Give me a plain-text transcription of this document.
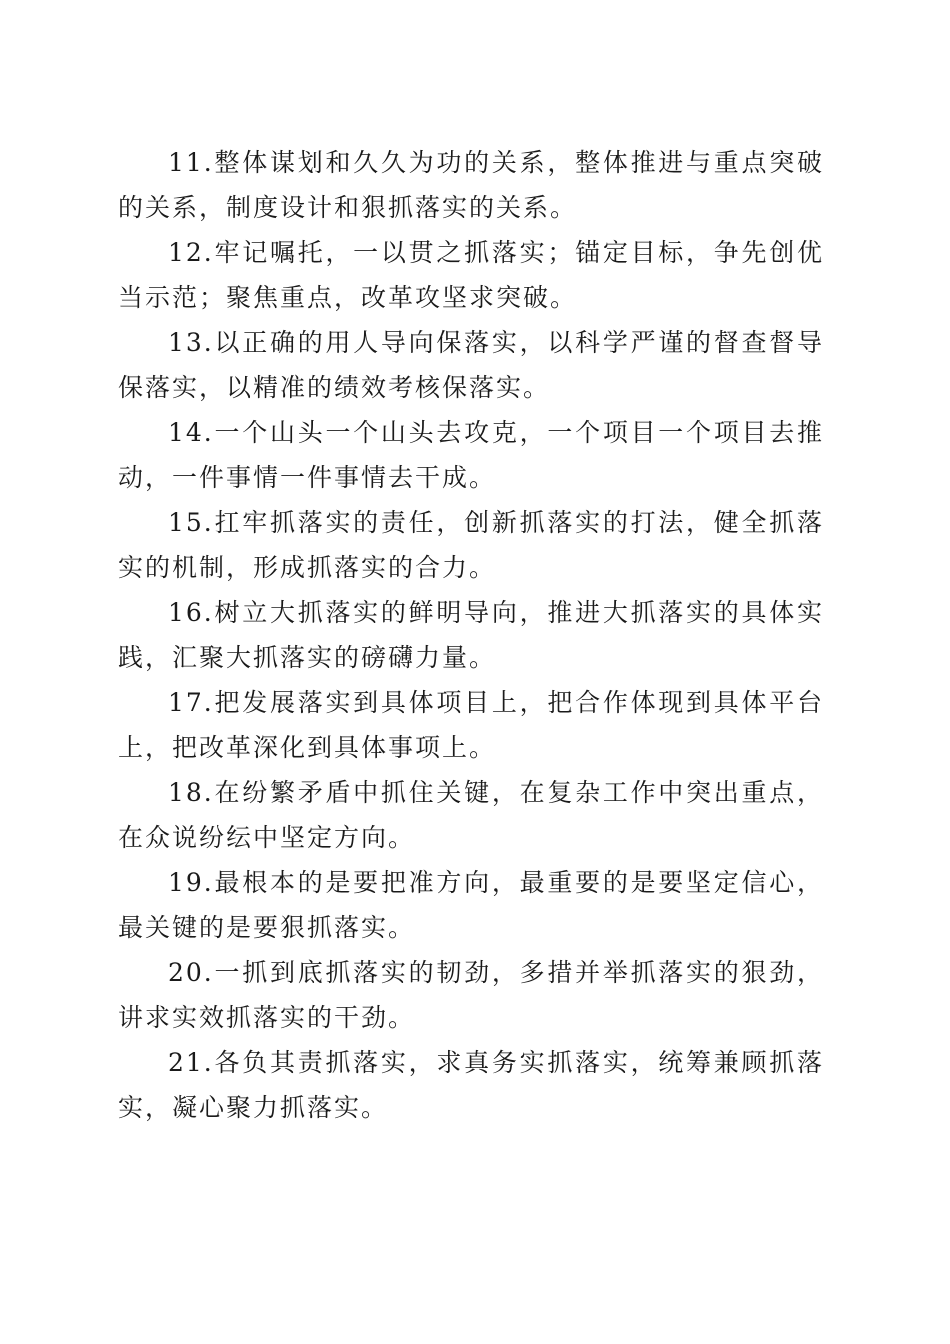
11.整体谋划和久久为功的关系，整体推进与重点突破的关系，制度设计和狠抓落实的关系。

12.牢记嘱托，一以贯之抓落实；锚定目标，争先创优当示范；聚焦重点，改革攻坚求突破。

13.以正确的用人导向保落实，以科学严谨的督查督导保落实，以精准的绩效考核保落实。

14.一个山头一个山头去攻克，一个项目一个项目去推动，一件事情一件事情去干成。

15.扛牢抓落实的责任，创新抓落实的打法，健全抓落实的机制，形成抓落实的合力。

16.树立大抓落实的鲜明导向，推进大抓落实的具体实践，汇聚大抓落实的磅礴力量。

17.把发展落实到具体项目上，把合作体现到具体平台上，把改革深化到具体事项上。

18.在纷繁矛盾中抓住关键，在复杂工作中突出重点，在众说纷纭中坚定方向。

19.最根本的是要把准方向，最重要的是要坚定信心，最关键的是要狠抓落实。

20.一抓到底抓落实的韧劲，多措并举抓落实的狠劲，讲求实效抓落实的干劲。

21.各负其责抓落实，求真务实抓落实，统筹兼顾抓落实，凝心聚力抓落实。
